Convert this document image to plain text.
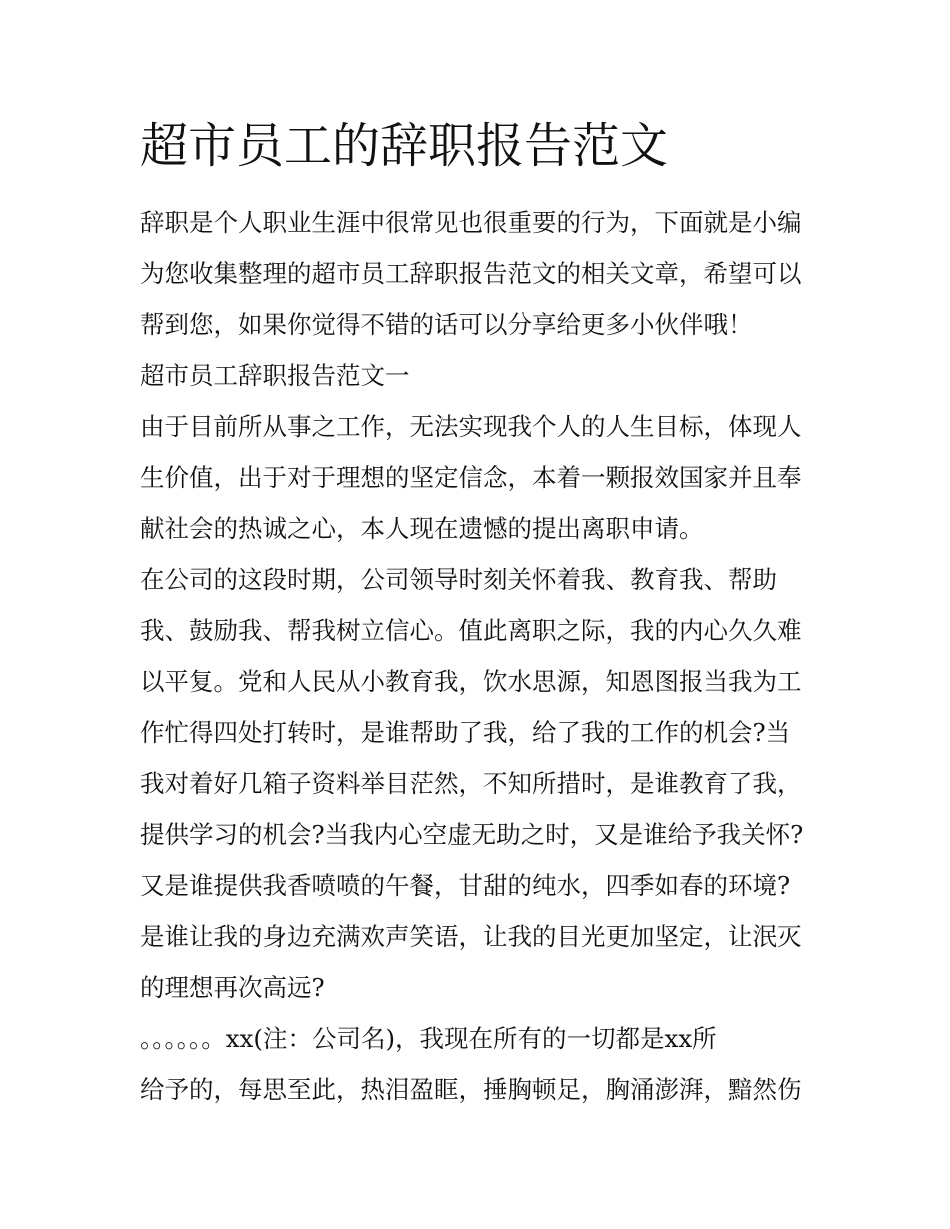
超市员工的辞职报告范文

辞职是个人职业生涯中很常见也很重要的行为，下面就是小编

为您收集整理的超市员工辞职报告范文的相关文章，希望可以

帮到您，如果你觉得不错的话可以分享给更多小伙伴哦！

超市员工辞职报告范文一

由于目前所从事之工作，无法实现我个人的人生目标，体现人

生价值，出于对于理想的坚定信念，本着一颗报效国家并且奉

献社会的热诚之心，本人现在遗憾的提出离职申请。

在公司的这段时期，公司领导时刻关怀着我、教育我、帮助

我、鼓励我、帮我树立信心。值此离职之际，我的内心久久难

以平复。党和人民从小教育我，饮水思源，知恩图报当我为工

作忙得四处打转时，是谁帮助了我，给了我的工作的机会?当

我对着好几箱子资料举目茫然，不知所措时，是谁教育了我，

提供学习的机会?当我内心空虚无助之时，又是谁给予我关怀?

又是谁提供我香喷喷的午餐，甘甜的纯水，四季如春的环境?

是谁让我的身边充满欢声笑语，让我的目光更加坚定，让泯灭

的理想再次高远?

。。。。。。xx(注：公司名)，我现在所有的一切都是xx所

给予的，每思至此，热泪盈眶，捶胸顿足，胸涌澎湃，黯然伤
